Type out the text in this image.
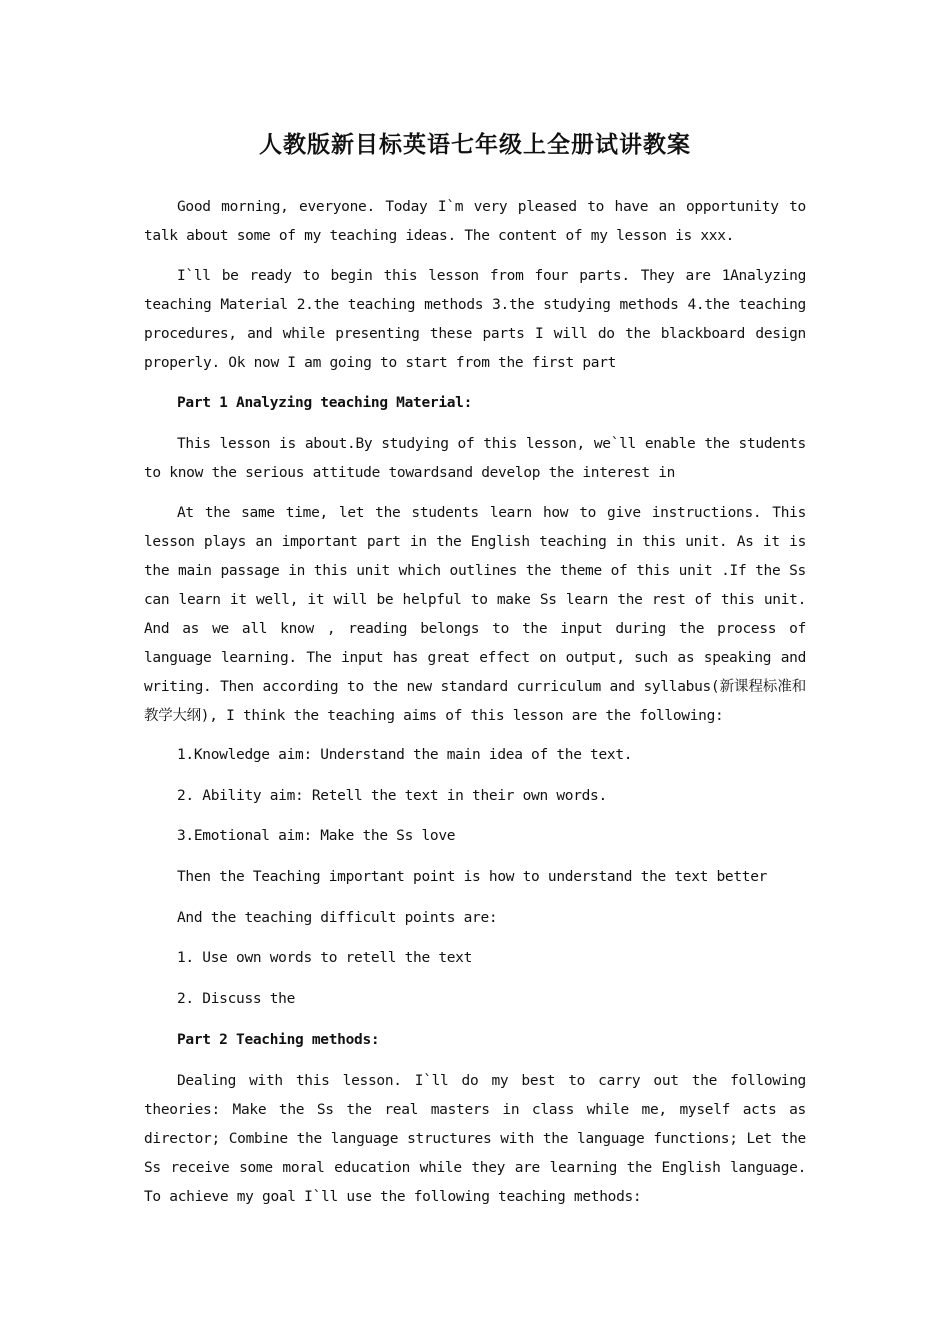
人教版新目标英语七年级上全册试讲教案

Good morning, everyone. Today I`m very pleased to have an opportunity to talk about some of my teaching ideas. The content of my lesson is xxx.

I`ll be ready to begin this lesson from four parts. They are 1Analyzing teaching Material 2.the teaching methods 3.the studying methods 4.the teaching procedures, and while presenting these parts I will do the blackboard design properly. Ok now I am going to start from the first part

Part 1 Analyzing teaching Material:

This lesson is about.By studying of this lesson, we`ll enable the students to know the serious attitude towardsand develop the interest in

At the same time, let the students learn how to give instructions. This lesson plays an important part in the English teaching in this unit. As it is the main passage in this unit which outlines the theme of this unit .If the Ss can learn it well, it will be helpful to make Ss learn the rest of this unit. And as we all know , reading belongs to the input during the process of language learning. The input has great effect on output, such as speaking and writing. Then according to the new standard curriculum and syllabus(新课程标准和教学大纲), I think the teaching aims of this lesson are the following:

1.Knowledge aim: Understand the main idea of the text.

2. Ability aim: Retell the text in their own words.

3.Emotional aim: Make the Ss love

Then the Teaching important point is how to understand the text better

And the teaching difficult points are:

1. Use own words to retell the text

2. Discuss the

Part 2 Teaching methods:

Dealing with this lesson. I`ll do my best to carry out the following theories: Make the Ss the real masters in class while me, myself acts as director; Combine the language structures with the language functions; Let the Ss receive some moral education while they are learning the English language. To achieve my goal I`ll use the following teaching methods:
